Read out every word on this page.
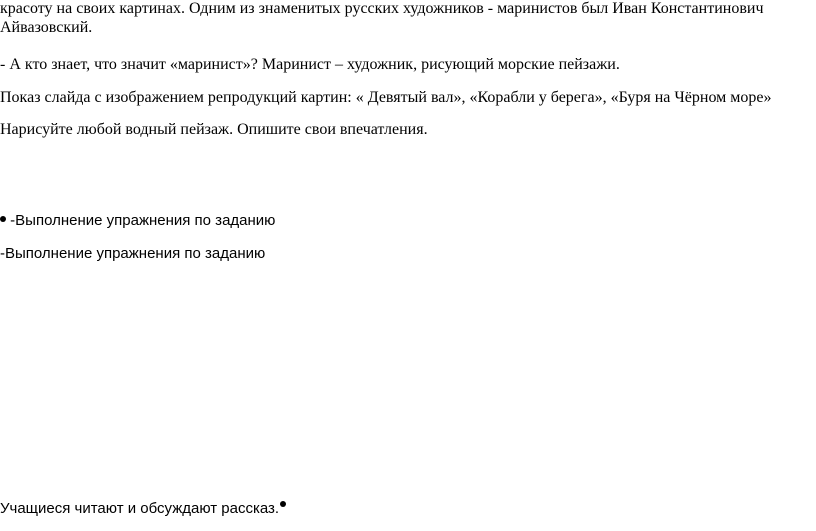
красоту на своих картинах. Одним из знаменитых русских художников - маринистов был Иван Константинович

Айвазовский.

- А кто знает, что значит «маринист»? Маринист – художник, рисующий морские пейзажи.

Показ слайда с изображением репродукций картин: « Девятый вал», «Корабли у берега», «Буря на Чёрном море»

Нарисуйте любой водный пейзаж. Опишите свои впечатления.

-Выполнение упражнения по заданию

-Выполнение упражнения по заданию

Учащиеся читают и обсуждают рассказ.
